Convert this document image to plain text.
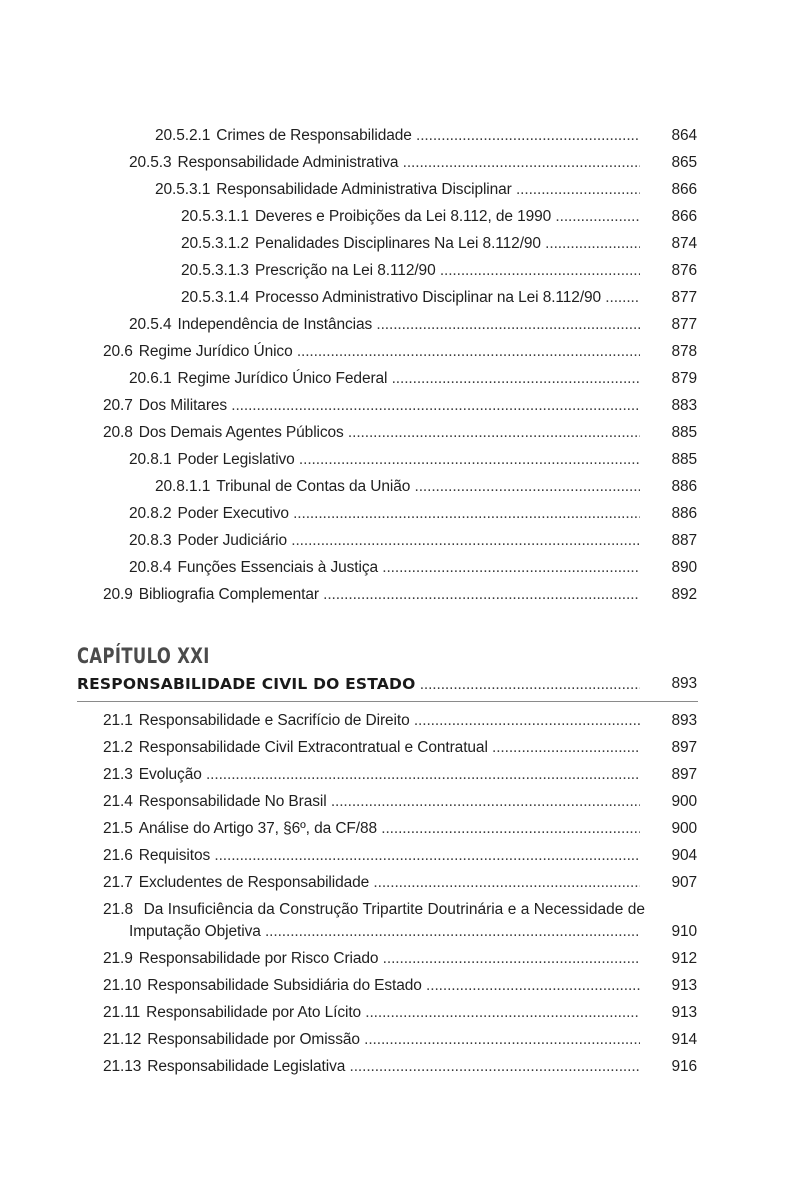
20.5.2.1 Crimes de Responsabilidade .....	864
20.5.3 Responsabilidade Administrativa .....	865
20.5.3.1 Responsabilidade Administrativa Disciplinar .....	866
20.5.3.1.1 Deveres e Proibições da Lei 8.112, de 1990 .....	866
20.5.3.1.2 Penalidades Disciplinares Na Lei 8.112/90 .....	874
20.5.3.1.3 Prescrição na Lei 8.112/90 .....	876
20.5.3.1.4 Processo Administrativo Disciplinar na Lei 8.112/90 .....	877
20.5.4 Independência de Instâncias .....	877
20.6 Regime Jurídico Único .....	878
20.6.1 Regime Jurídico Único Federal .....	879
20.7 Dos Militares .....	883
20.8 Dos Demais Agentes Públicos .....	885
20.8.1 Poder Legislativo .....	885
20.8.1.1 Tribunal de Contas da União .....	886
20.8.2 Poder Executivo .....	886
20.8.3 Poder Judiciário .....	887
20.8.4 Funções Essenciais à Justiça .....	890
20.9 Bibliografia Complementar .....	892
CAPÍTULO XXI
RESPONSABILIDADE CIVIL DO ESTADO .....	893
21.1 Responsabilidade e Sacrifício de Direito .....	893
21.2 Responsabilidade Civil Extracontratual e Contratual .....	897
21.3 Evolução .....	897
21.4 Responsabilidade No Brasil .....	900
21.5 Análise do Artigo 37, §6º, da CF/88 .....	900
21.6 Requisitos .....	904
21.7 Excludentes de Responsabilidade .....	907
21.8 Da Insuficiência da Construção Tripartite Doutrinária e a Necessidade de
Imputação Objetiva .....	910
21.9 Responsabilidade por Risco Criado .....	912
21.10 Responsabilidade Subsidiária do Estado .....	913
21.11 Responsabilidade por Ato Lícito .....	913
21.12 Responsabilidade por Omissão .....	914
21.13 Responsabilidade Legislativa .....	916
